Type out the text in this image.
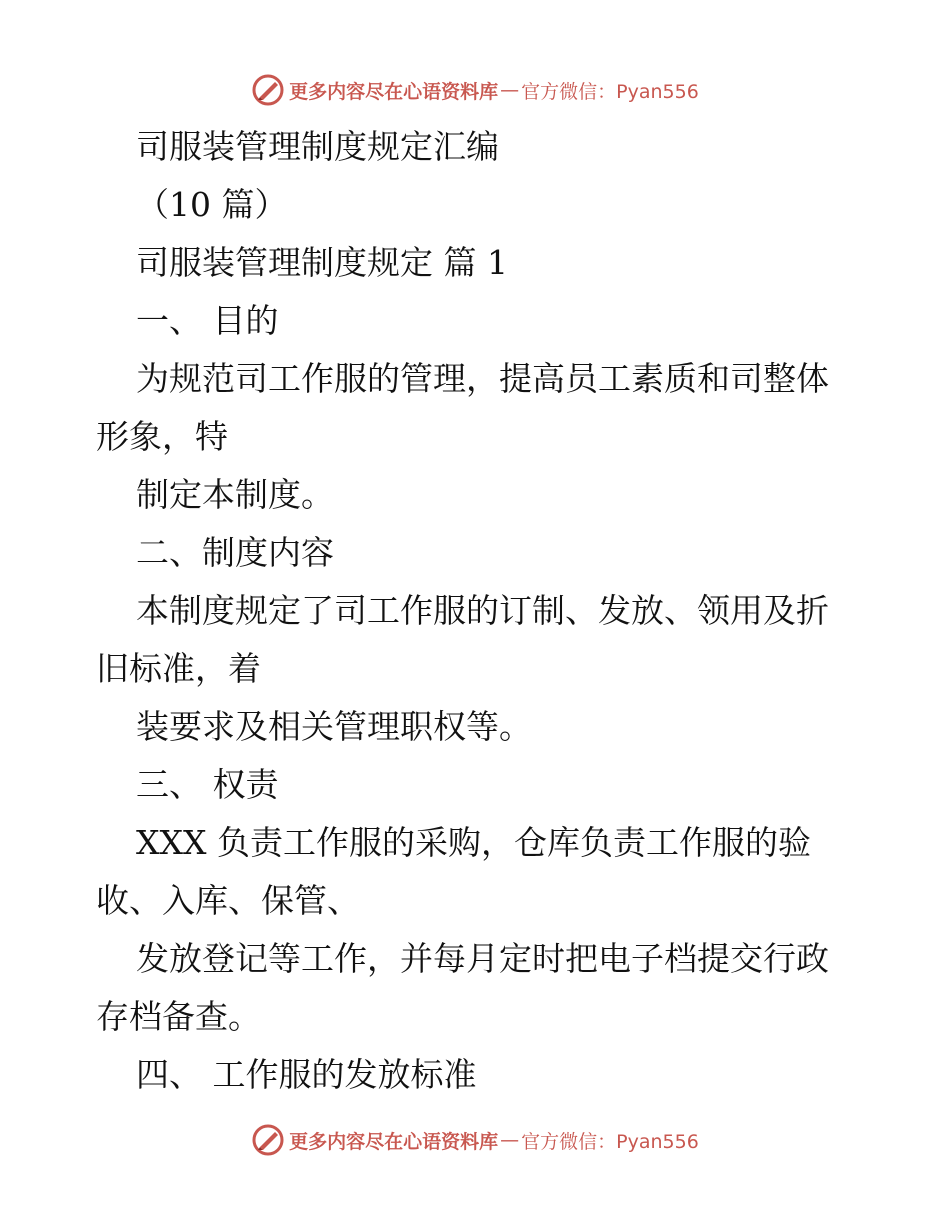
更多内容尽在心语资料库 — 官方微信：Pyan556
司服装管理制度规定汇编
（10 篇）
司服装管理制度规定 篇 1
一、 目的
为规范司工作服的管理，提高员工素质和司整体
形象，特
制定本制度。
二、制度内容
本制度规定了司工作服的订制、发放、领用及折
旧标准，着
装要求及相关管理职权等。
三、 权责
XXX 负责工作服的采购，仓库负责工作服的验
收、入库、保管、
发放登记等工作，并每月定时把电子档提交行政
存档备查。
四、 工作服的发放标准
更多内容尽在心语资料库 — 官方微信：Pyan556
